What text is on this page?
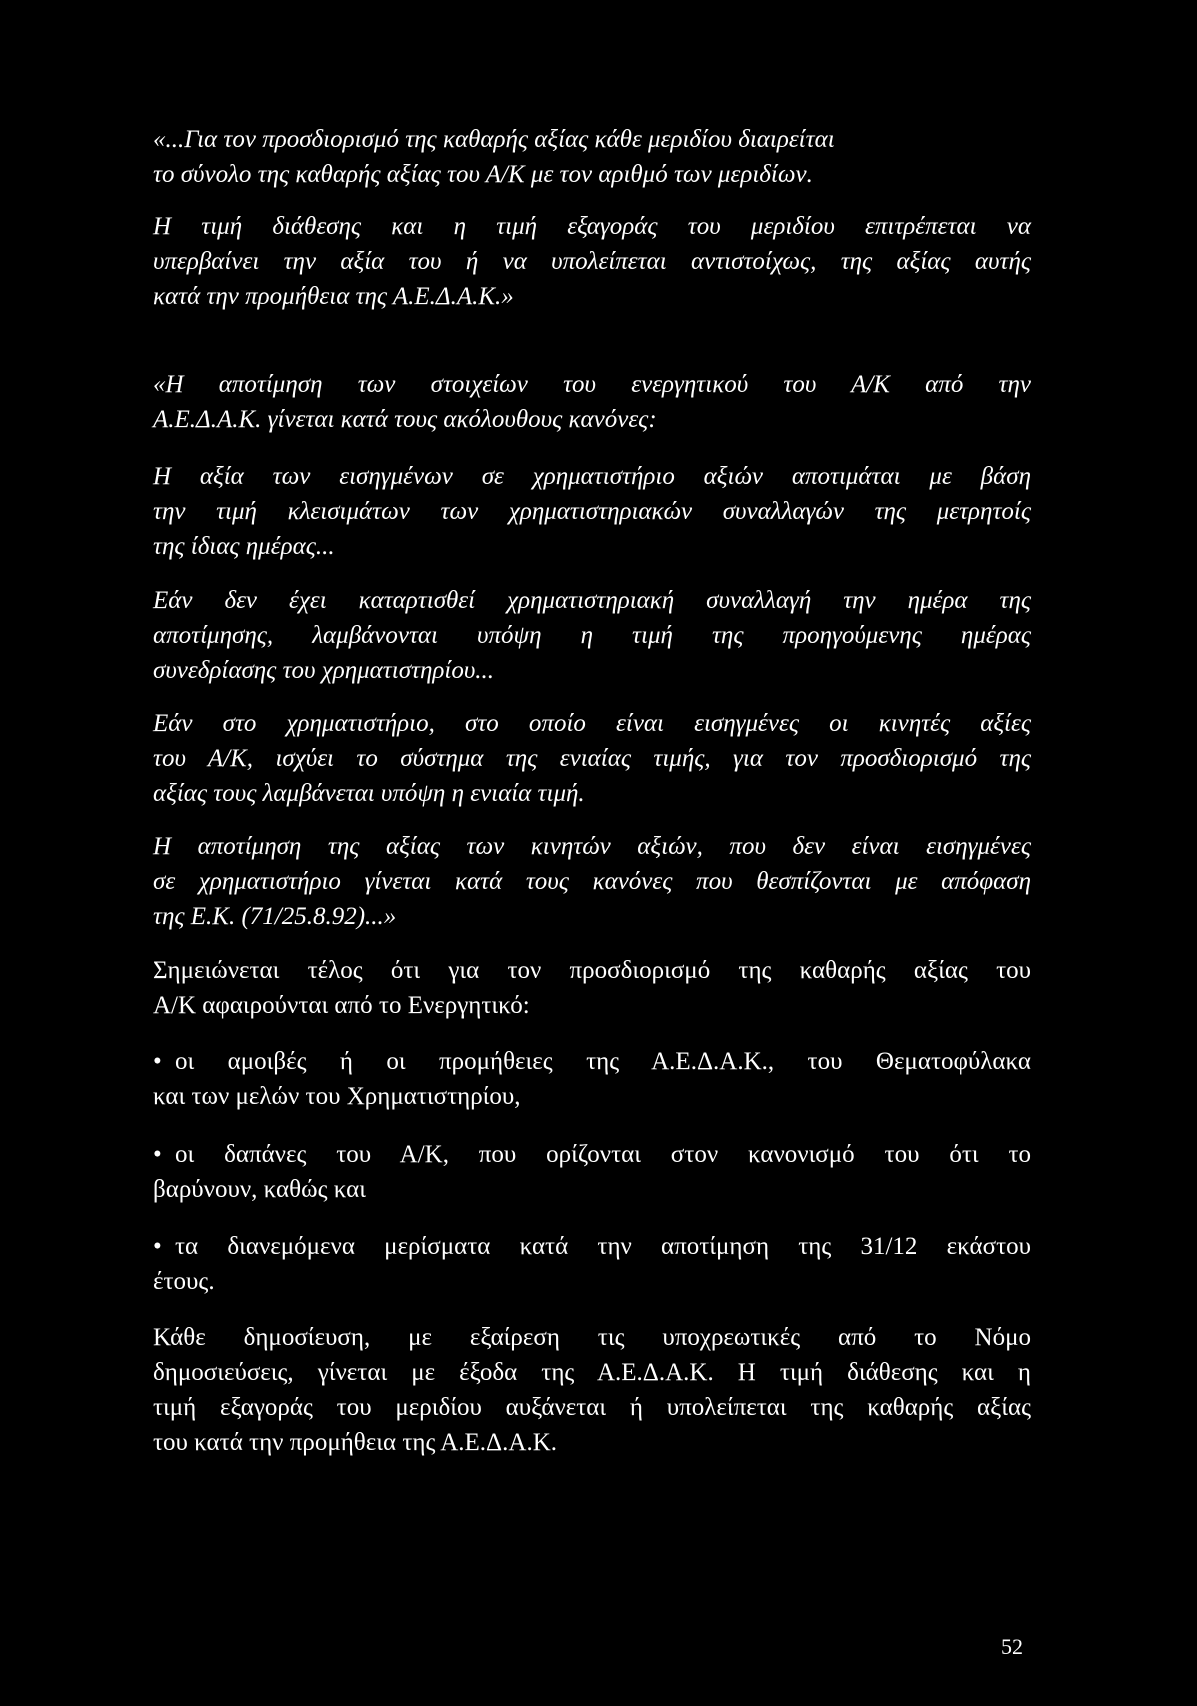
«...Για τον προσδιορισμό της καθαρής αξίας κάθε μεριδίου διαιρείται
το σύνολο της καθαρής αξίας του Α/Κ με τον αριθμό των μεριδίων.
Η τιμή διάθεσης και η τιμή εξαγοράς του μεριδίου επιτρέπεται να
υπερβαίνει την αξία του ή να υπολείπεται αντιστοίχως, της αξίας αυτής
κατά την προμήθεια της Α.Ε.Δ.Α.Κ.»
«Η αποτίμηση των στοιχείων του ενεργητικού του Α/Κ από την
Α.Ε.Δ.Α.Κ. γίνεται κατά τους ακόλουθους κανόνες:
Η αξία των εισηγμένων σε χρηματιστήριο αξιών αποτιμάται με βάση
την τιμή κλεισιμάτων των χρηματιστηριακών συναλλαγών της μετρητοίς
της ίδιας ημέρας...
Εάν δεν έχει καταρτισθεί χρηματιστηριακή συναλλαγή την ημέρα της
αποτίμησης, λαμβάνονται υπόψη η τιμή της προηγούμενης ημέρας
συνεδρίασης του χρηματιστηρίου...
Εάν στο χρηματιστήριο, στο οποίο είναι εισηγμένες οι κινητές αξίες
του Α/Κ, ισχύει το σύστημα της ενιαίας τιμής, για τον προσδιορισμό της
αξίας τους λαμβάνεται υπόψη η ενιαία τιμή.
Η αποτίμηση της αξίας των κινητών αξιών, που δεν είναι εισηγμένες
σε χρηματιστήριο γίνεται κατά τους κανόνες που θεσπίζονται με απόφαση
της Ε.Κ. (71/25.8.92)...»
Σημειώνεται τέλος ότι για τον προσδιορισμό της καθαρής αξίας του
Α/Κ αφαιρούνται από το Ενεργητικό:
• οι αμοιβές ή οι προμήθειες της Α.Ε.Δ.Α.Κ., του Θεματοφύλακα
και των μελών του Χρηματιστηρίου,
• οι δαπάνες του Α/Κ, που ορίζονται στον κανονισμό του ότι το
βαρύνουν, καθώς και
• τα διανεμόμενα μερίσματα κατά την αποτίμηση της 31/12 εκάστου
έτους.
Κάθε δημοσίευση, με εξαίρεση τις υποχρεωτικές από το Νόμο
δημοσιεύσεις, γίνεται με έξοδα της Α.Ε.Δ.Α.Κ. Η τιμή διάθεσης και η
τιμή εξαγοράς του μεριδίου αυξάνεται ή υπολείπεται της καθαρής αξίας
του κατά την προμήθεια της Α.Ε.Δ.Α.Κ.
52
